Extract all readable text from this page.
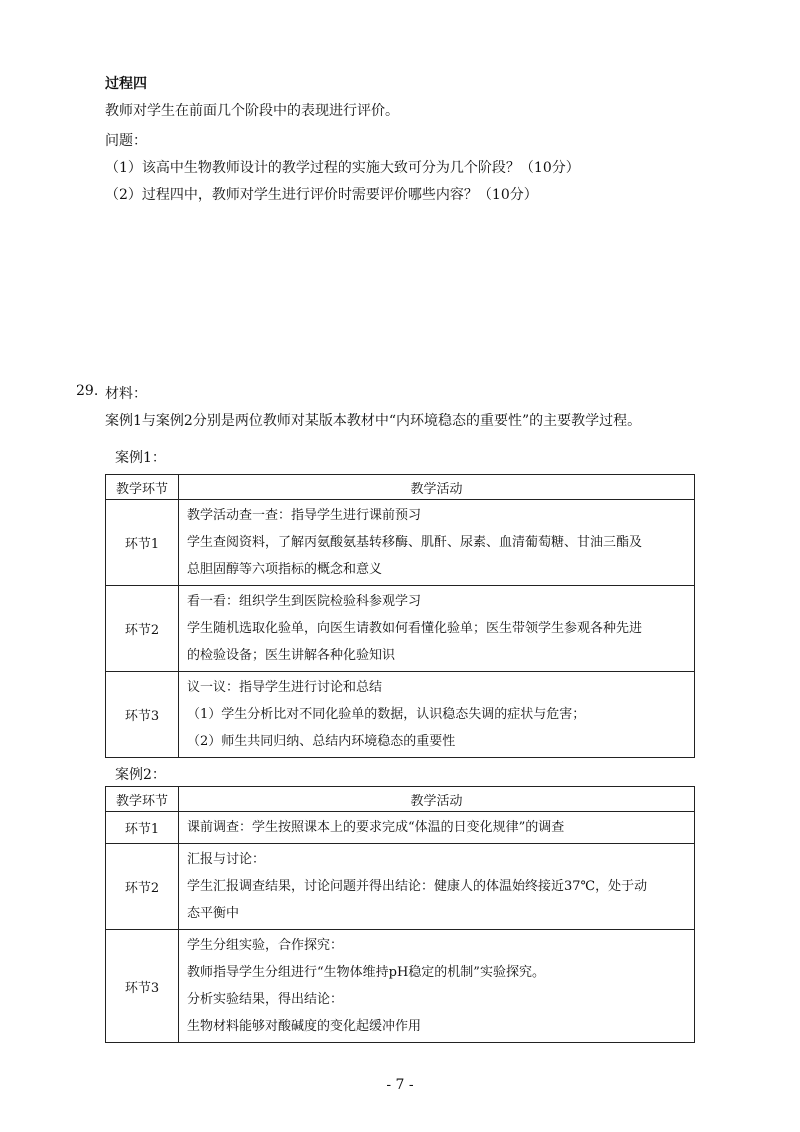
过程四
教师对学生在前面几个阶段中的表现进行评价。
问题：
（1）该高中生物教师设计的教学过程的实施大致可分为几个阶段？（10分）
（2）过程四中，教师对学生进行评价时需要评价哪些内容？（10分）
29. 材料：
案例1与案例2分别是两位教师对某版本教材中“内环境稳态的重要性”的主要教学过程。
案例1：
教学环节	教学活动
环节1	教学活动查一查：指导学生进行课前预习
学生查阅资料，了解丙氨酸氨基转移酶、肌酐、尿素、血清葡萄糖、甘油三酯及
总胆固醇等六项指标的概念和意义

环节2	看一看：组织学生到医院检验科参观学习
学生随机选取化验单，向医生请教如何看懂化验单；医生带领学生参观各种先进
的检验设备；医生讲解各种化验知识

环节3	议一议：指导学生进行讨论和总结
（1）学生分析比对不同化验单的数据，认识稳态失调的症状与危害；
（2）师生共同归纳、总结内环境稳态的重要性
案例2：
教学环节	教学活动
环节1	课前调查：学生按照课本上的要求完成“体温的日变化规律”的调查

环节2	汇报与讨论：
学生汇报调查结果，讨论问题并得出结论：健康人的体温始终接近37℃，处于动
态平衡中

环节3	学生分组实验，合作探究：
教师指导学生分组进行“生物体维持pH稳定的机制”实验探究。
分析实验结果，得出结论：
生物材料能够对酸碱度的变化起缓冲作用
- 7 -
